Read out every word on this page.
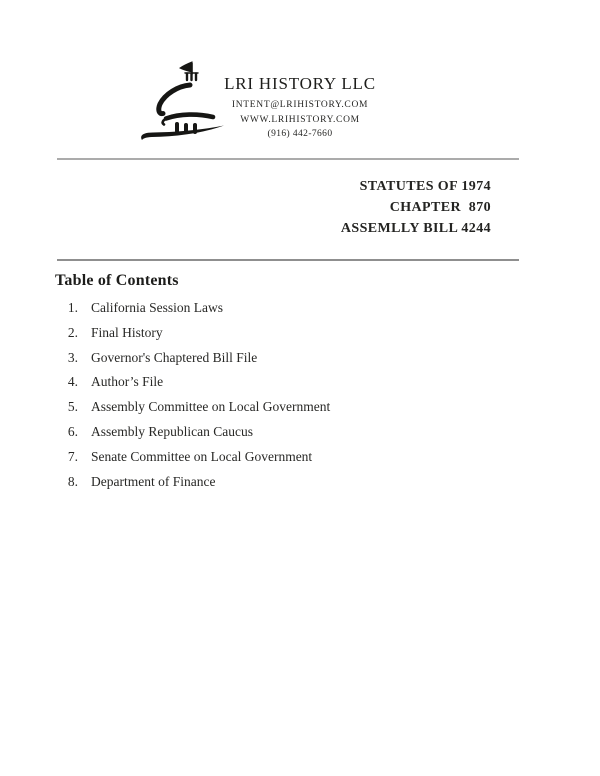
LRI HISTORY LLC
INTENT@LRIHISTORY.COM
WWW.LRIHISTORY.COM
(916) 442-7660
STATUTES OF 1974
CHAPTER  870
ASSEMLLY BILL 4244
Table of Contents
1. California Session Laws
2. Final History
3. Governor's Chaptered Bill File
4. Author’s File
5. Assembly Committee on Local Government
6. Assembly Republican Caucus
7. Senate Committee on Local Government
8. Department of Finance
